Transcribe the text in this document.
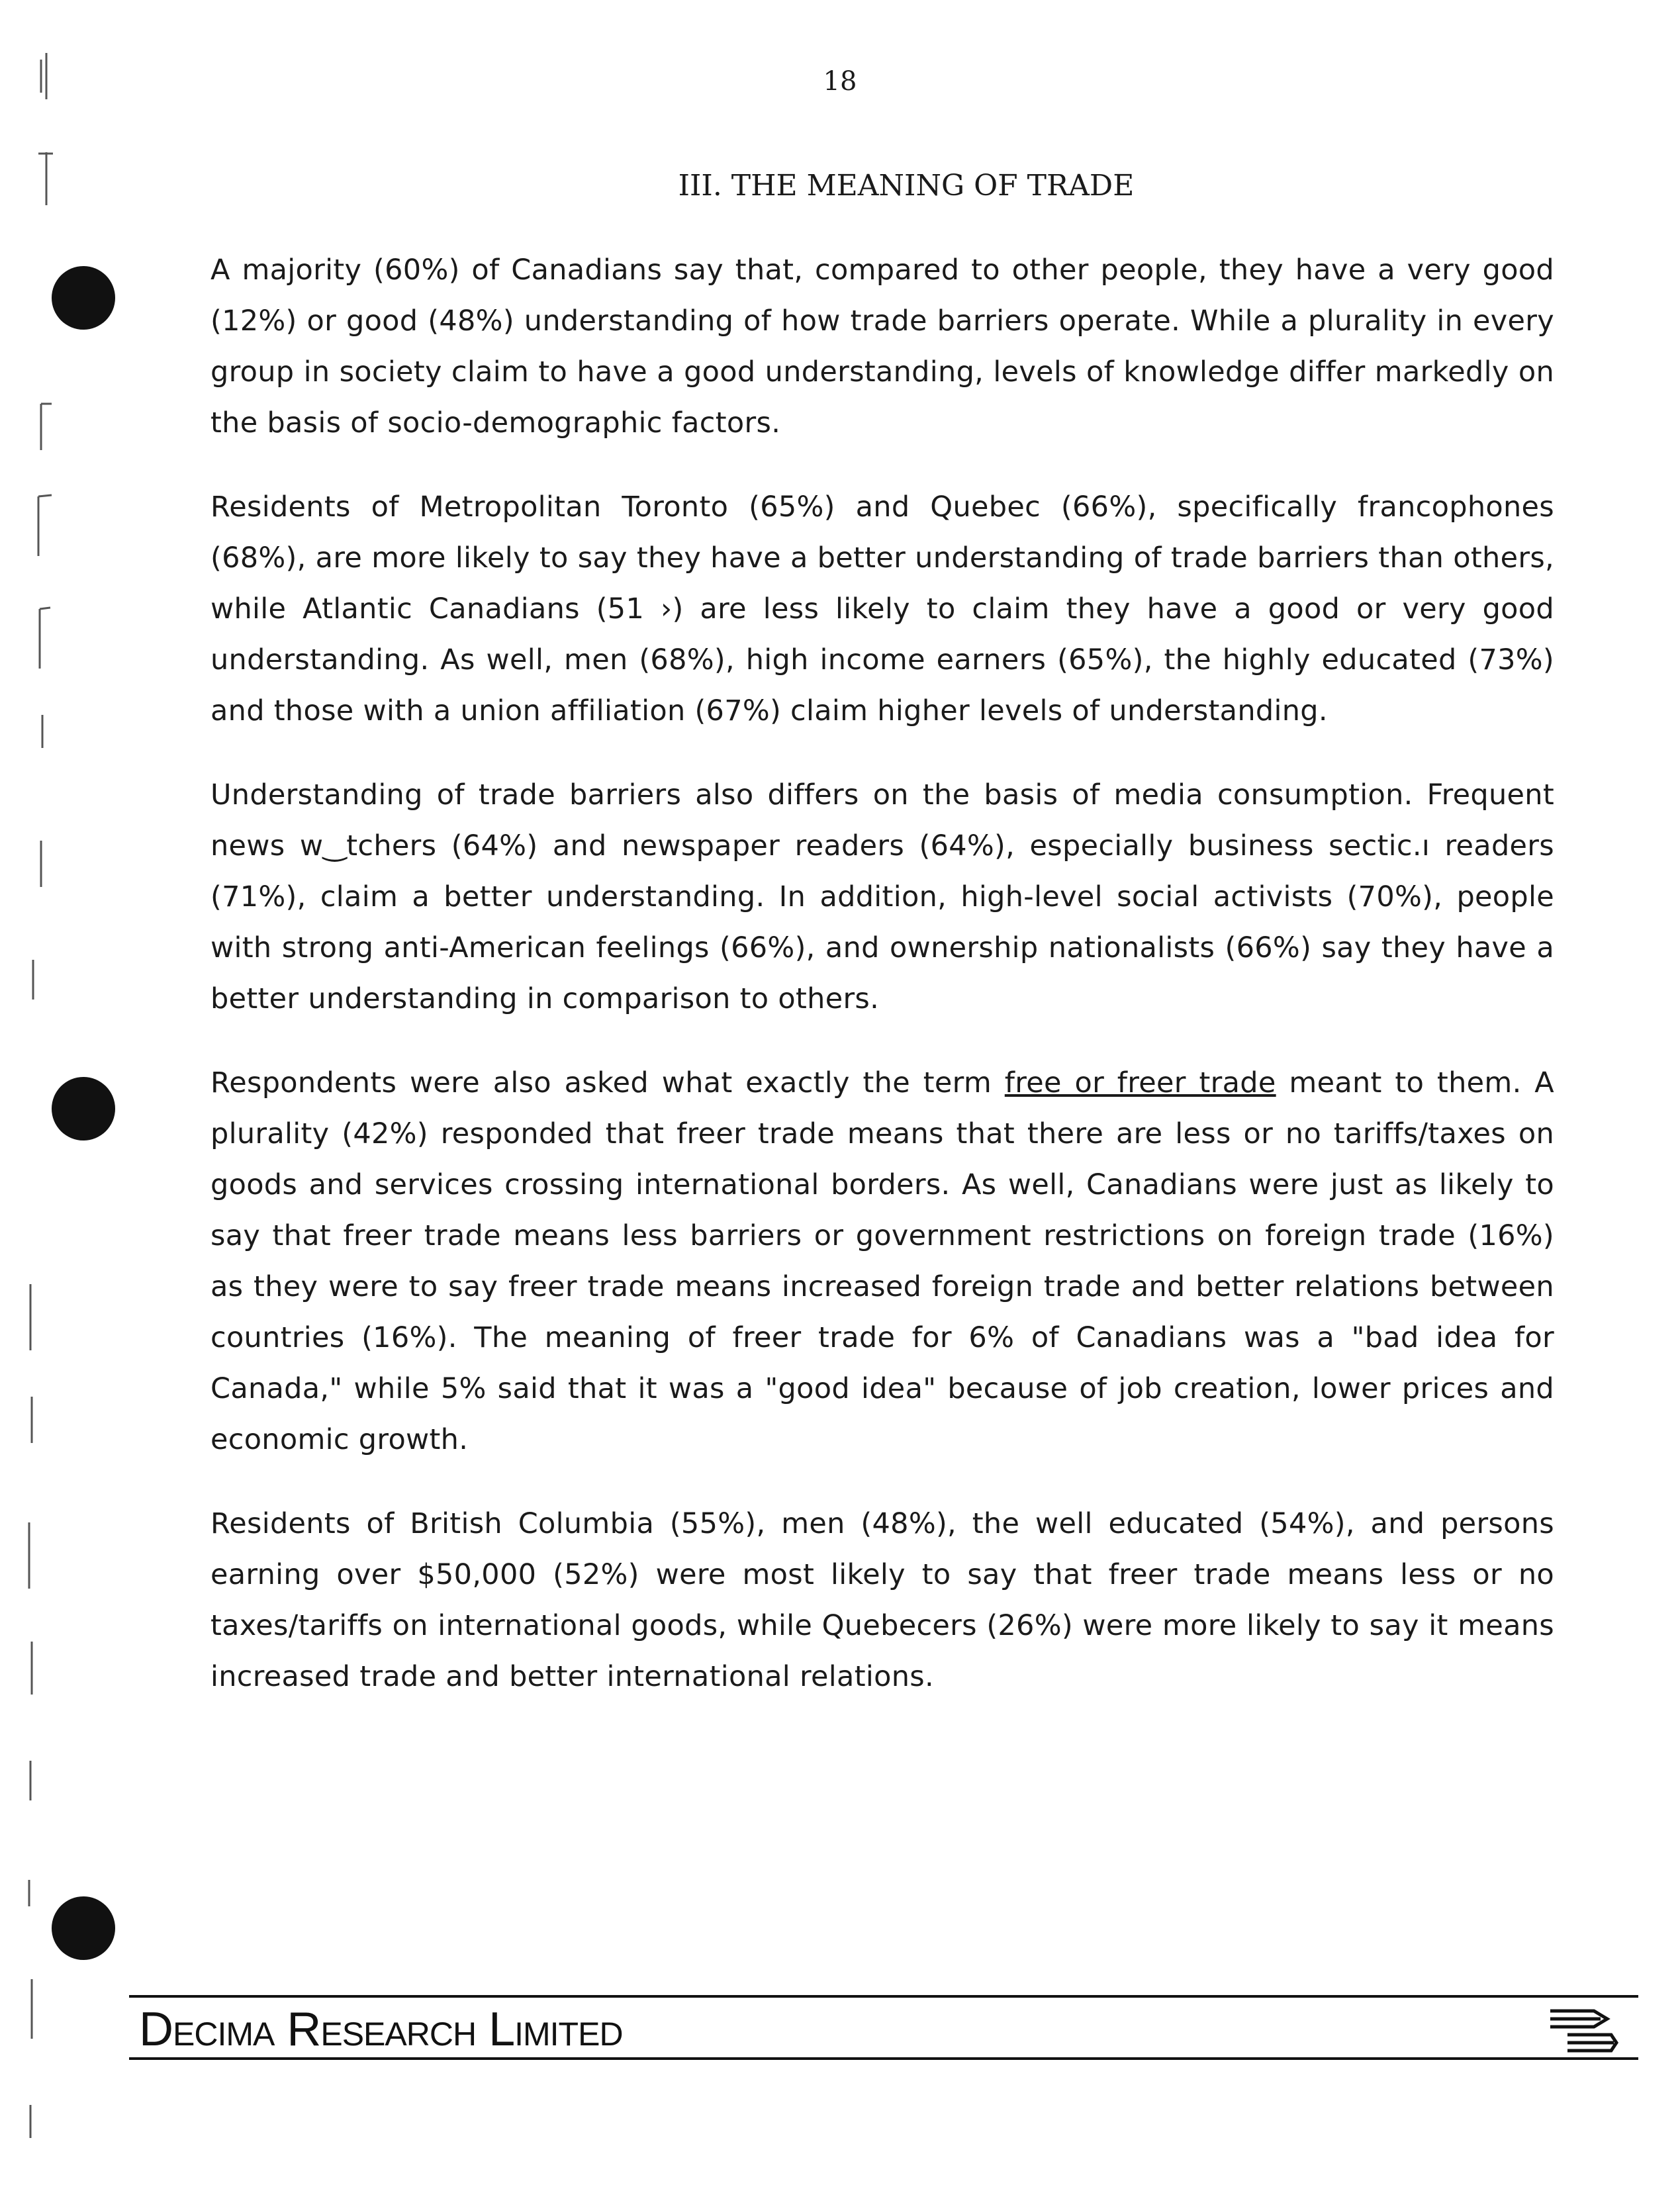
18
III. THE MEANING OF TRADE

A majority (60%) of Canadians say that, compared to other people, they have a very good (12%) or good (48%) understanding of how trade barriers operate. While a plurality in every group in society claim to have a good understanding, levels of knowledge differ markedly on the basis of socio-demographic factors.

Residents of Metropolitan Toronto (65%) and Quebec (66%), specifically francophones (68%), are more likely to say they have a better understanding of trade barriers than others, while Atlantic Canadians (51 ›) are less likely to claim they have a good or very good understanding. As well, men (68%), high income earners (65%), the highly educated (73%) and those with a union affiliation (67%) claim higher levels of understanding.

Understanding of trade barriers also differs on the basis of media consumption. Frequent news w‿tchers (64%) and newspaper readers (64%), especially business sectic.ı readers (71%), claim a better understanding. In addition, high-level social activists (70%), people with strong anti-American feelings (66%), and ownership nationalists (66%) say they have a better understanding in comparison to others.

Respondents were also asked what exactly the term free or freer trade meant to them. A plurality (42%) responded that freer trade means that there are less or no tariffs/taxes on goods and services crossing international borders. As well, Canadians were just as likely to say that freer trade means less barriers or government restrictions on foreign trade (16%) as they were to say freer trade means increased foreign trade and better relations between countries (16%). The meaning of freer trade for 6% of Canadians was a "bad idea for Canada," while 5% said that it was a "good idea" because of job creation, lower prices and economic growth.

Residents of British Columbia (55%), men (48%), the well educated (54%), and persons earning over $50,000 (52%) were most likely to say that freer trade means less or no taxes/tariffs on international goods, while Quebecers (26%) were more likely to say it means increased trade and better international relations.

Decima Research Limited
